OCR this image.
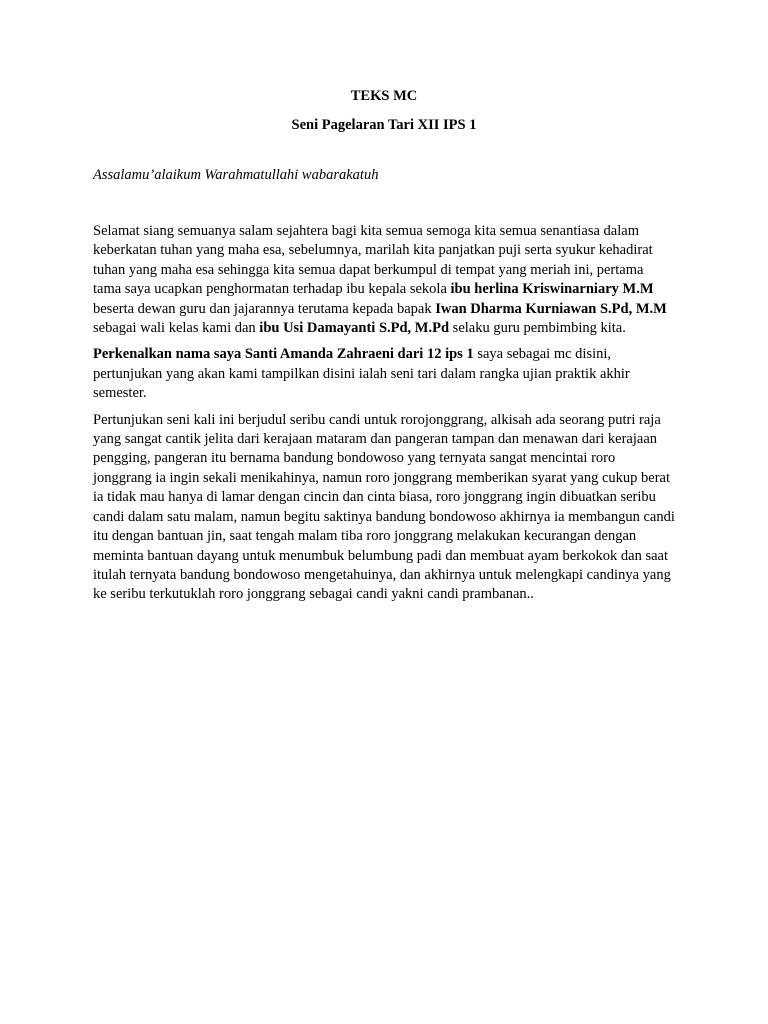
TEKS MC

Seni Pagelaran Tari XII IPS 1

Assalamu’alaikum Warahmatullahi wabarakatuh

Selamat siang semuanya salam sejahtera bagi kita semua semoga kita semua senantiasa dalam keberkatan tuhan yang maha esa, sebelumnya, marilah kita panjatkan puji serta syukur kehadirat tuhan yang maha esa sehingga kita semua dapat berkumpul di tempat yang meriah ini, pertama tama saya ucapkan penghormatan terhadap ibu kepala sekola ibu herlina Kriswinarniary M.M beserta dewan guru dan jajarannya terutama kepada bapak Iwan Dharma Kurniawan S.Pd, M.M sebagai wali kelas kami dan ibu Usi Damayanti S.Pd, M.Pd selaku guru pembimbing kita.

Perkenalkan nama saya Santi Amanda Zahraeni dari 12 ips 1 saya sebagai mc disini, pertunjukan yang akan kami tampilkan disini ialah seni tari dalam rangka ujian praktik akhir semester.

Pertunjukan seni kali ini berjudul seribu candi untuk rorojonggrang, alkisah ada seorang putri raja yang sangat cantik jelita dari kerajaan mataram dan pangeran tampan dan menawan dari kerajaan pengging, pangeran itu bernama bandung bondowoso yang ternyata sangat mencintai roro jonggrang ia ingin sekali menikahinya, namun roro jonggrang memberikan syarat yang cukup berat ia tidak mau hanya di lamar dengan cincin dan cinta biasa, roro jonggrang ingin dibuatkan seribu candi dalam satu malam, namun begitu saktinya bandung bondowoso akhirnya ia membangun candi itu dengan bantuan jin, saat tengah malam tiba roro jonggrang melakukan kecurangan dengan meminta bantuan dayang untuk menumbuk belumbung padi dan membuat ayam berkokok dan saat itulah ternyata bandung bondowoso mengetahuinya, dan akhirnya untuk melengkapi candinya yang ke seribu terkutuklah roro jonggrang sebagai candi yakni candi prambanan..
